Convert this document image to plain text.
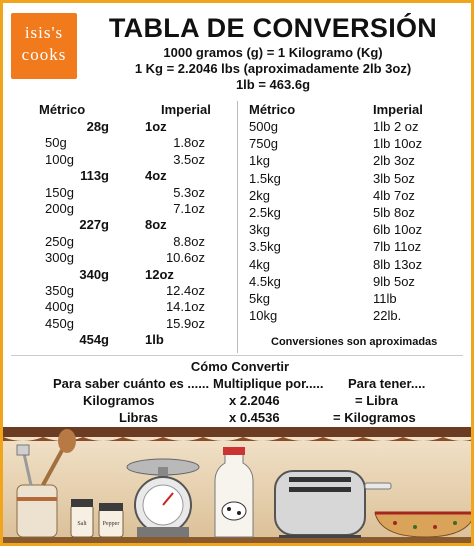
isis's
cooks
TABLA DE CONVERSIÓN
1000 gramos (g) = 1 Kilogramo (Kg)
1 Kg = 2.2046 lbs (aproximadamente 2lb 3oz)
1lb = 463.6g
Métrico	Imperial
28g	1oz
50g	1.8oz
100g	3.5oz
113g	4oz
150g	5.3oz
200g	7.1oz
227g	8oz
250g	8.8oz
300g	10.6oz
340g	12oz
350g	12.4oz
400g	14.1oz
450g	15.9oz
454g	1lb
Métrico	Imperial
500g	1lb 2 oz
750g	1lb 10oz
1kg	2lb 3oz
1.5kg	3lb 5oz
2kg	4lb 7oz
2.5kg	5lb 8oz
3kg	6lb 10oz
3.5kg	7lb 11oz
4kg	8lb 13oz
4.5kg	9lb 5oz
5kg	11lb
10kg	22lb.
Conversiones son aproximadas
Cómo Convertir
Para saber cuánto es ...... Multiplique por..... Para tener....
Kilogramos	x 2.2046	= Libra
Libras	x 0.4536	= Kilogramos
Salt	Pepper
